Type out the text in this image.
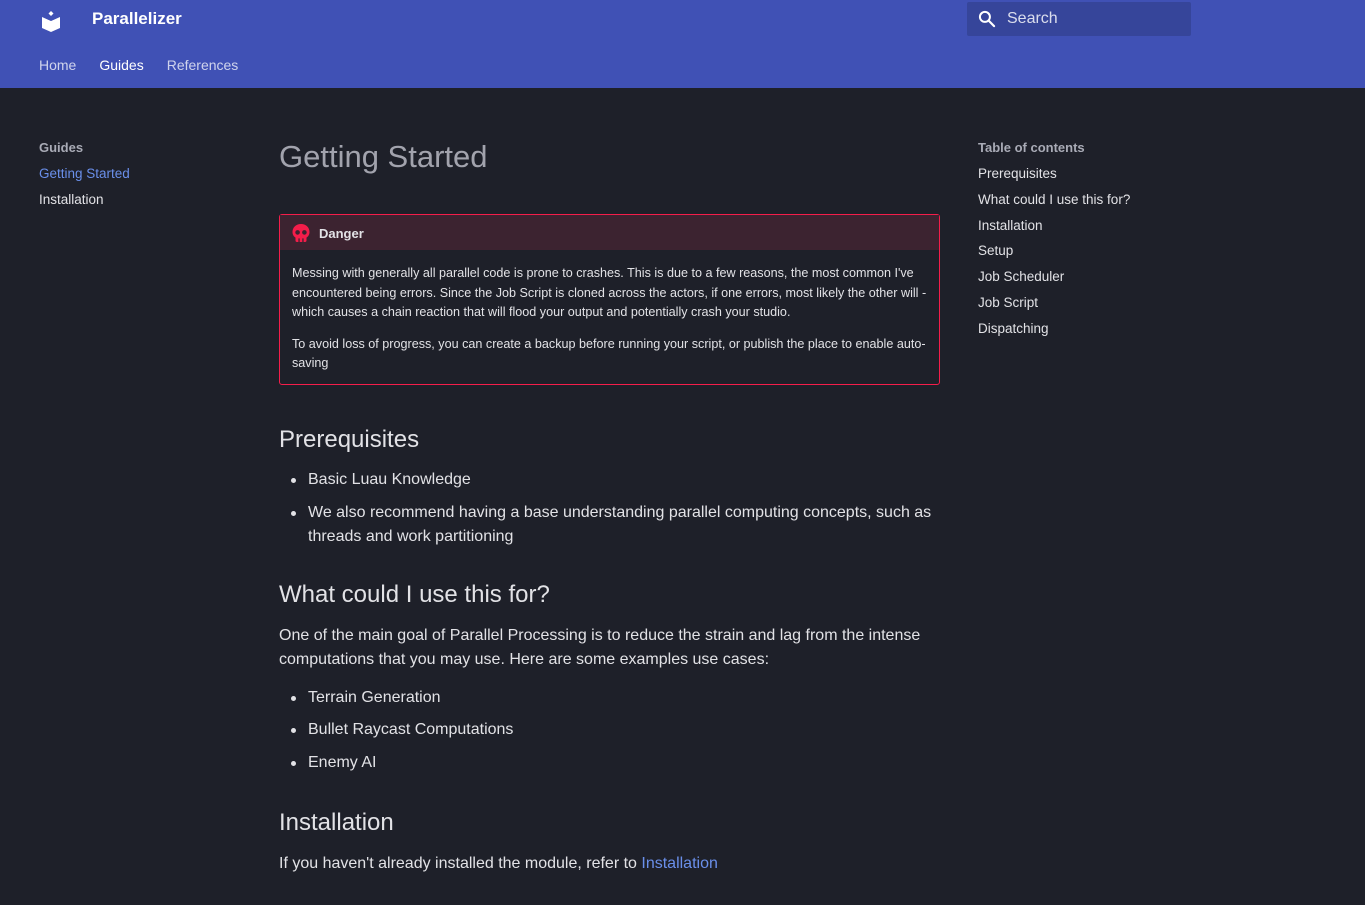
Parallelizer
Search
Home Guides References
Guides
Getting Started
Installation
Getting Started
Danger

Messing with generally all parallel code is prone to crashes. This is due to a few reasons, the most common I've encountered being errors. Since the Job Script is cloned across the actors, if one errors, most likely the other will - which causes a chain reaction that will flood your output and potentially crash your studio.

To avoid loss of progress, you can create a backup before running your script, or publish the place to enable auto-saving

Prerequisites
Basic Luau Knowledge
We also recommend having a base understanding parallel computing concepts, such as threads and work partitioning
What could I use this for?

One of the main goal of Parallel Processing is to reduce the strain and lag from the intense computations that you may use. Here are some examples use cases:

Terrain Generation
Bullet Raycast Computations
Enemy AI
Installation

If you haven't already installed the module, refer to Installation

Table of contents
Prerequisites
What could I use this for?
Installation
Setup
Job Scheduler
Job Script
Dispatching
